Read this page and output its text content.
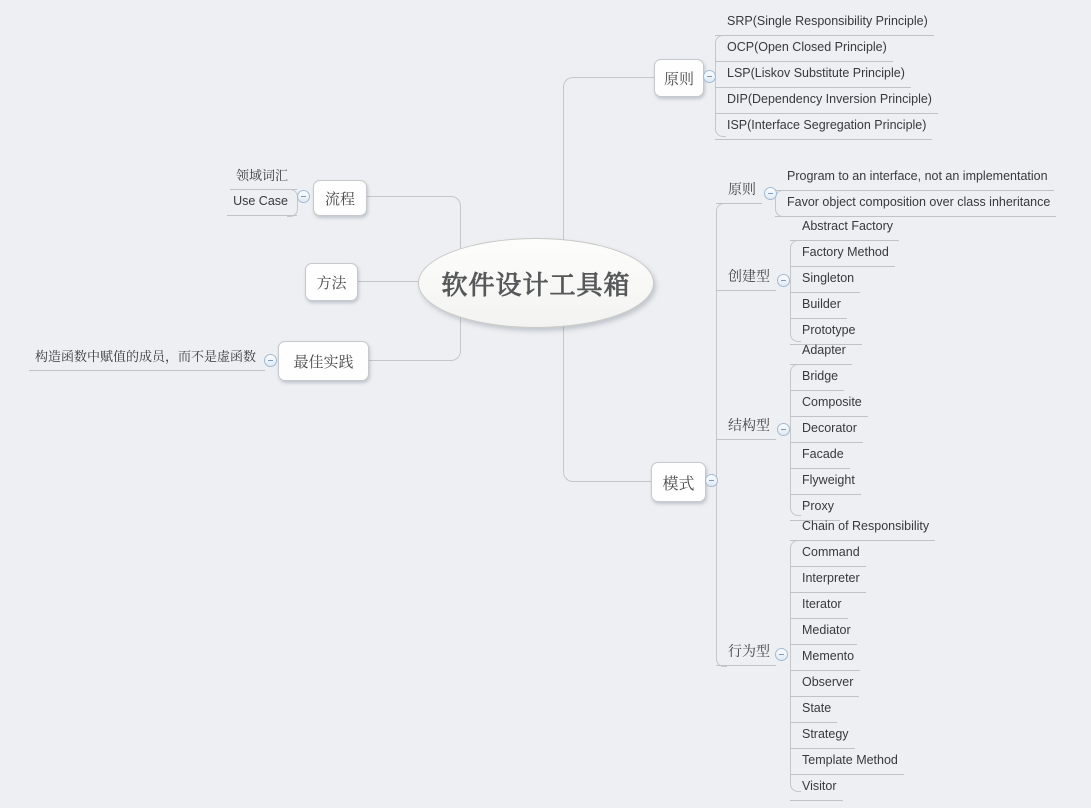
软件设计工具箱
原则
流程
方法
最佳实践
模式
SRP(Single Responsibility Principle)
OCP(Open Closed Principle)
LSP(Liskov Substitute Principle)
DIP(Dependency Inversion Principle)
ISP(Interface Segregation Principle)
领域词汇
Use Case
构造函数中赋值的成员，而不是虚函数
原则
创建型
结构型
行为型
Program to an interface, not an implementation
Favor object composition over class inheritance
Abstract Factory
Factory Method
Singleton
Builder
Prototype
Adapter
Bridge
Composite
Decorator
Facade
Flyweight
Proxy
Chain of Responsibility
Command
Interpreter
Iterator
Mediator
Memento
Observer
State
Strategy
Template Method
Visitor
